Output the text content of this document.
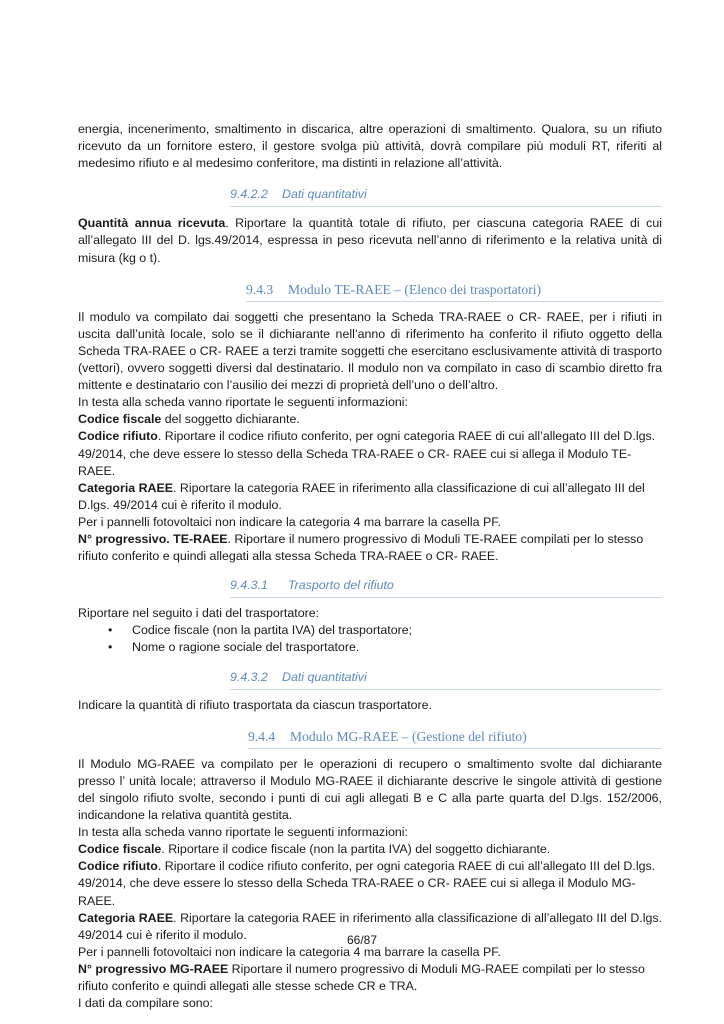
energia, incenerimento, smaltimento in discarica, altre operazioni di smaltimento. Qualora, su un rifiuto ricevuto da un fornitore estero, il gestore svolga più attività, dovrà compilare più moduli RT, riferiti al medesimo rifiuto e al medesimo conferitore, ma distinti in relazione all’attività.

9.4.2.2 Dati quantitativi

Quantità annua ricevuta. Riportare la quantità totale di rifiuto, per ciascuna categoria RAEE di cui all’allegato III del D. lgs.49/2014, espressa in peso ricevuta nell’anno di riferimento e la relativa unità di misura (kg o t).

9.4.3 Modulo TE-RAEE – (Elenco dei trasportatori)

Il modulo va compilato dai soggetti che presentano la Scheda TRA-RAEE o CR- RAEE, per i rifiuti in uscita dall’unità locale, solo se il dichiarante nell’anno di riferimento ha conferito il rifiuto oggetto della Scheda TRA-RAEE o CR- RAEE a terzi tramite soggetti che esercitano esclusivamente attività di trasporto (vettori), ovvero soggetti diversi dal destinatario. Il modulo non va compilato in caso di scambio diretto fra mittente e destinatario con l’ausilio dei mezzi di proprietà dell’uno o dell’altro.

In testa alla scheda vanno riportate le seguenti informazioni:

Codice fiscale del soggetto dichiarante.

Codice rifiuto. Riportare il codice rifiuto conferito, per ogni categoria RAEE di cui all’allegato III del D.lgs. 49/2014, che deve essere lo stesso della Scheda TRA-RAEE o CR- RAEE cui si allega il Modulo TE-RAEE.

Categoria RAEE. Riportare la categoria RAEE in riferimento alla classificazione di cui all’allegato III del D.lgs. 49/2014 cui è riferito il modulo.

Per i pannelli fotovoltaici non indicare la categoria 4 ma barrare la casella PF.

N° progressivo. TE-RAEE. Riportare il numero progressivo di Moduli TE-RAEE compilati per lo stesso rifiuto conferito e quindi allegati alla stessa Scheda TRA-RAEE o CR- RAEE.

9.4.3.1 Trasporto del rifiuto

Riportare nel seguito i dati del trasportatore:

• Codice fiscale (non la partita IVA) del trasportatore;
• Nome o ragione sociale del trasportatore.
9.4.3.2 Dati quantitativi

Indicare la quantità di rifiuto trasportata da ciascun trasportatore.

9.4.4 Modulo MG-RAEE – (Gestione del rifiuto)

Il Modulo MG-RAEE va compilato per le operazioni di recupero o smaltimento svolte dal dichiarante presso l’ unità locale; attraverso il Modulo MG-RAEE il dichiarante descrive le singole attività di gestione del singolo rifiuto svolte, secondo i punti di cui agli allegati B e C alla parte quarta del D.lgs. 152/2006, indicandone la relativa quantità gestita.

In testa alla scheda vanno riportate le seguenti informazioni:

Codice fiscale. Riportare il codice fiscale (non la partita IVA) del soggetto dichiarante.

Codice rifiuto. Riportare il codice rifiuto conferito, per ogni categoria RAEE di cui all’allegato III del D.lgs. 49/2014, che deve essere lo stesso della Scheda TRA-RAEE o CR- RAEE cui si allega il Modulo MG-RAEE.

Categoria RAEE. Riportare la categoria RAEE in riferimento alla classificazione di all’allegato III del D.lgs. 49/2014 cui è riferito il modulo.

Per i pannelli fotovoltaici non indicare la categoria 4 ma barrare la casella PF.

N° progressivo MG-RAEE Riportare il numero progressivo di Moduli MG-RAEE compilati per lo stesso rifiuto conferito e quindi allegati alle stesse schede CR e TRA.

I dati da compilare sono:

66/87
